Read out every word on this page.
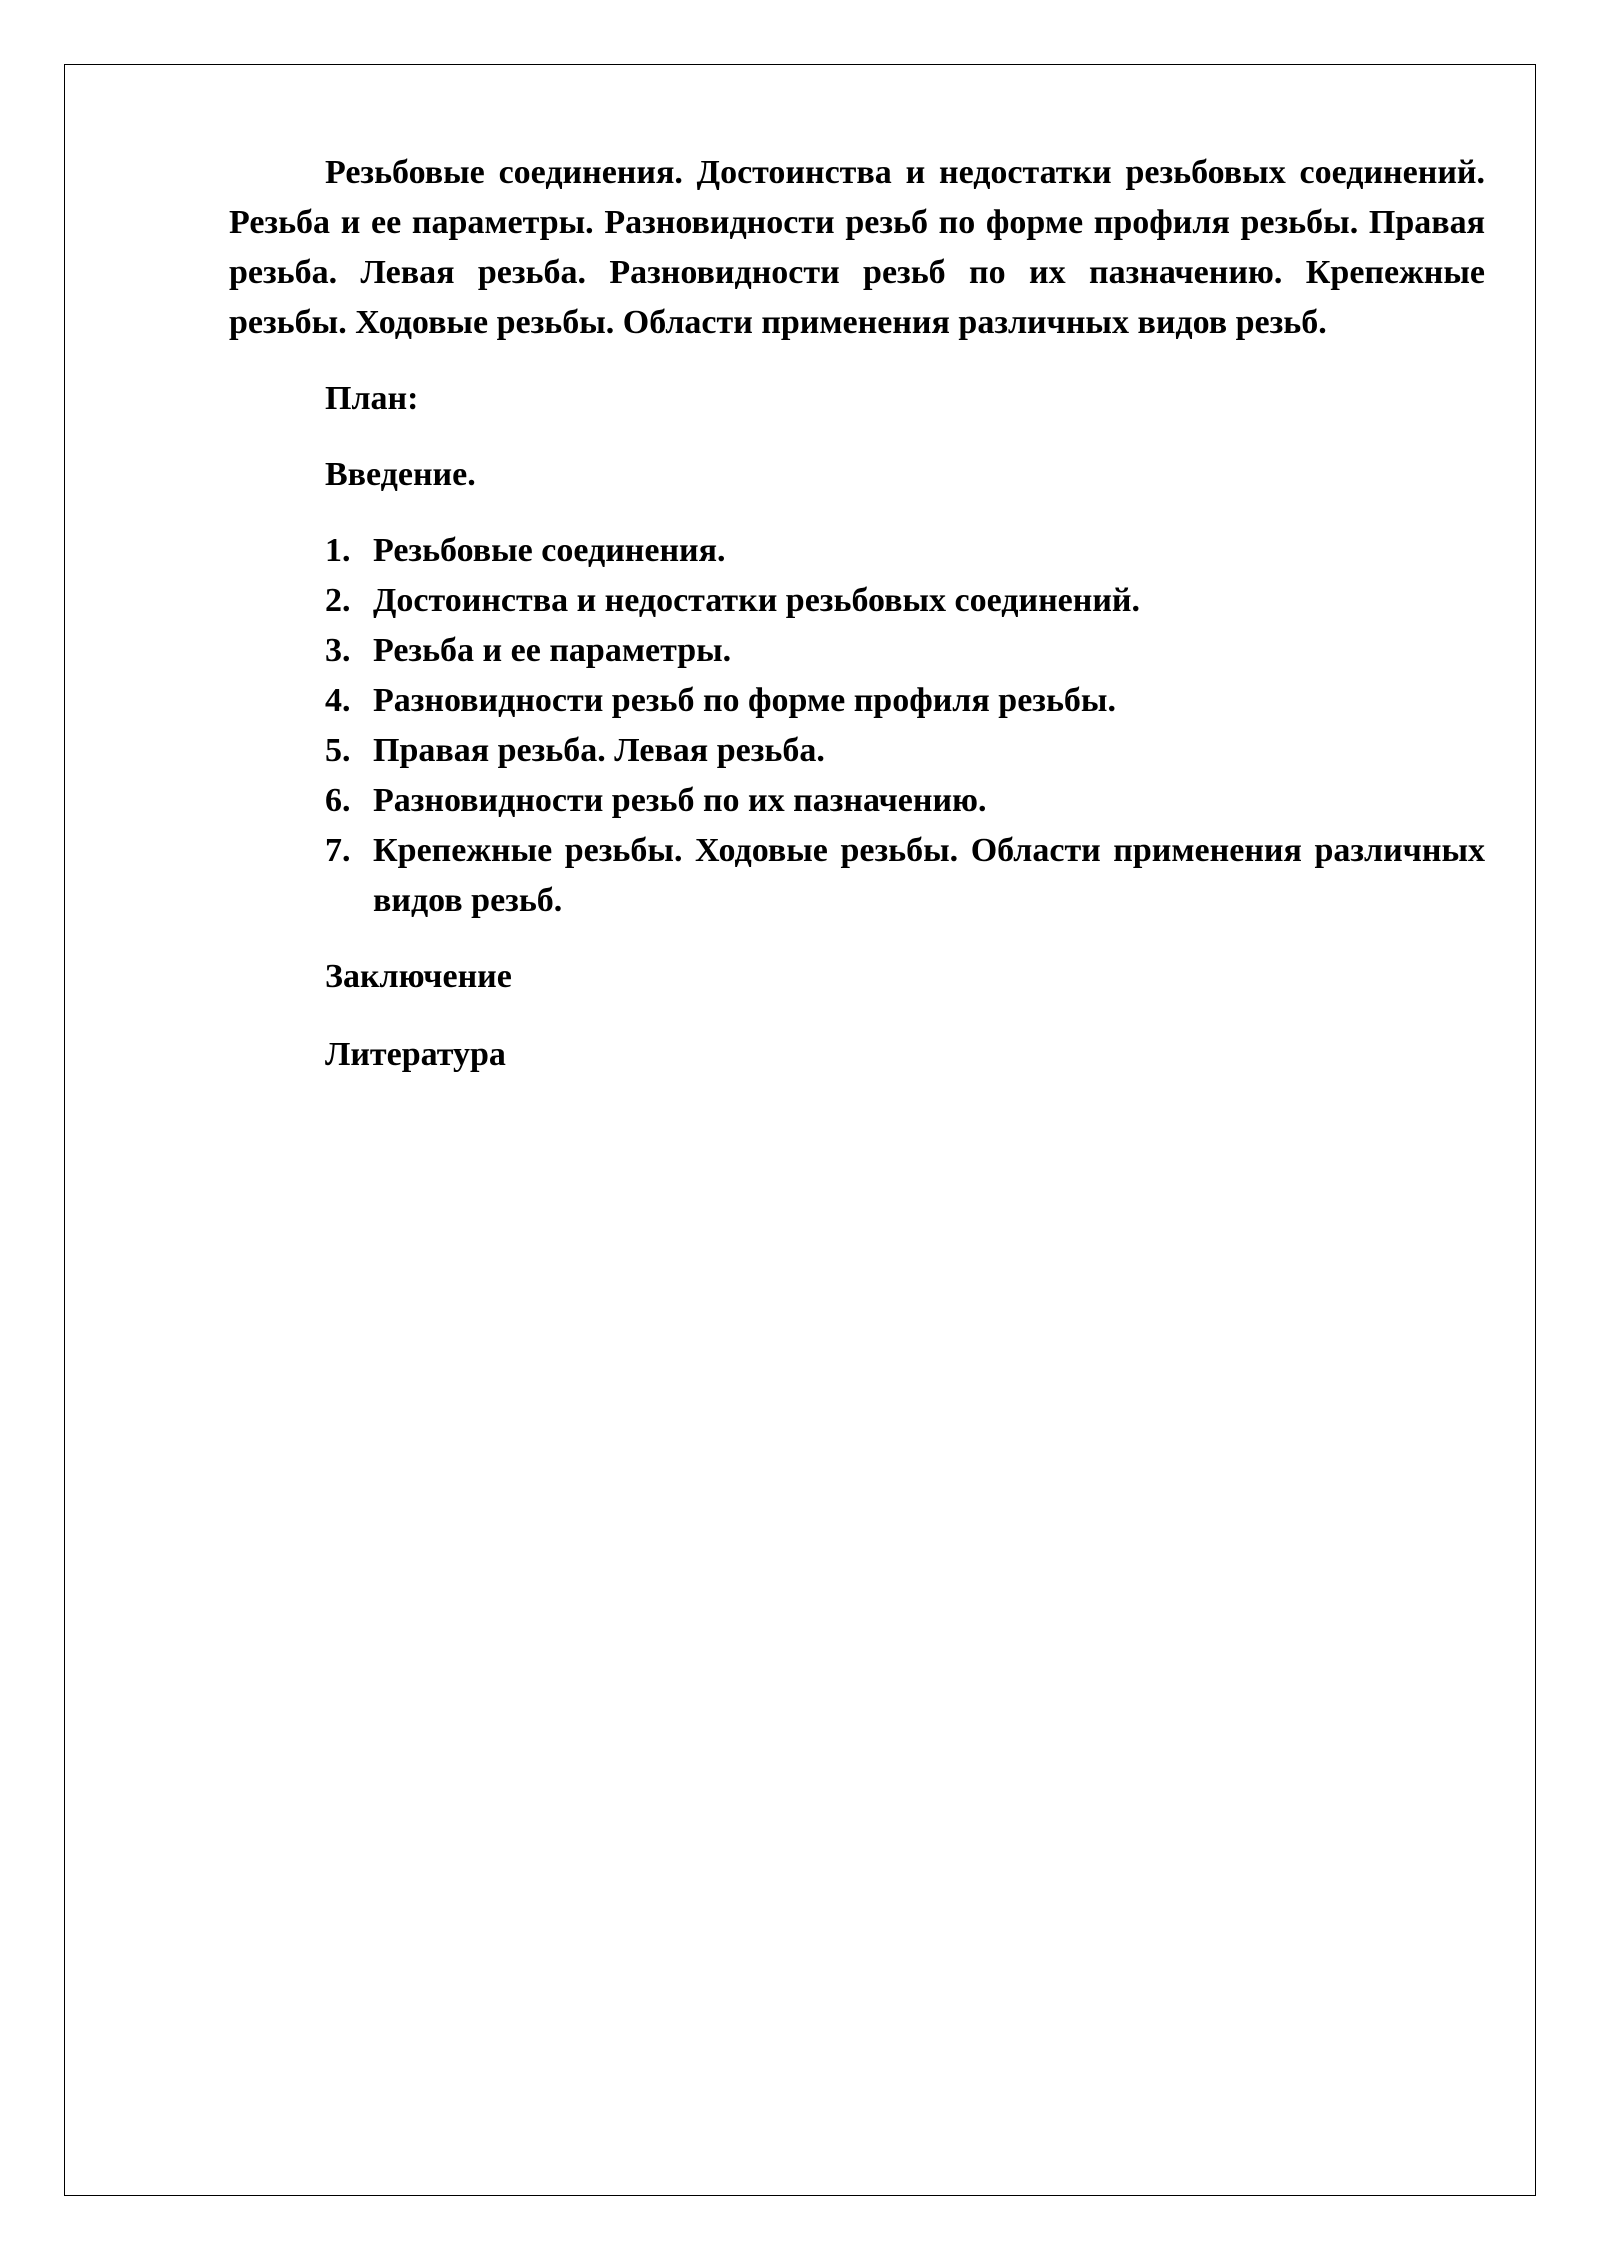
Резьбовые соединения. Достоинства и недостатки резьбовых соединений. Резьба и ее параметры. Разновидности резьб по форме профиля резьбы. Правая резьба. Левая резьба. Разновидности резьб по их пазначению. Крепежные резьбы. Ходовые резьбы. Области применения различных видов резьб.

План:

Введение.

1. Резьбовые соединения.
2. Достоинства и недостатки резьбовых соединений.
3. Резьба и ее параметры.
4. Разновидности резьб по форме профиля резьбы.
5. Правая резьба. Левая резьба.
6. Разновидности резьб по их пазначению.
7. Крепежные резьбы. Ходовые резьбы. Области применения различных видов резьб.

Заключение

Литература
